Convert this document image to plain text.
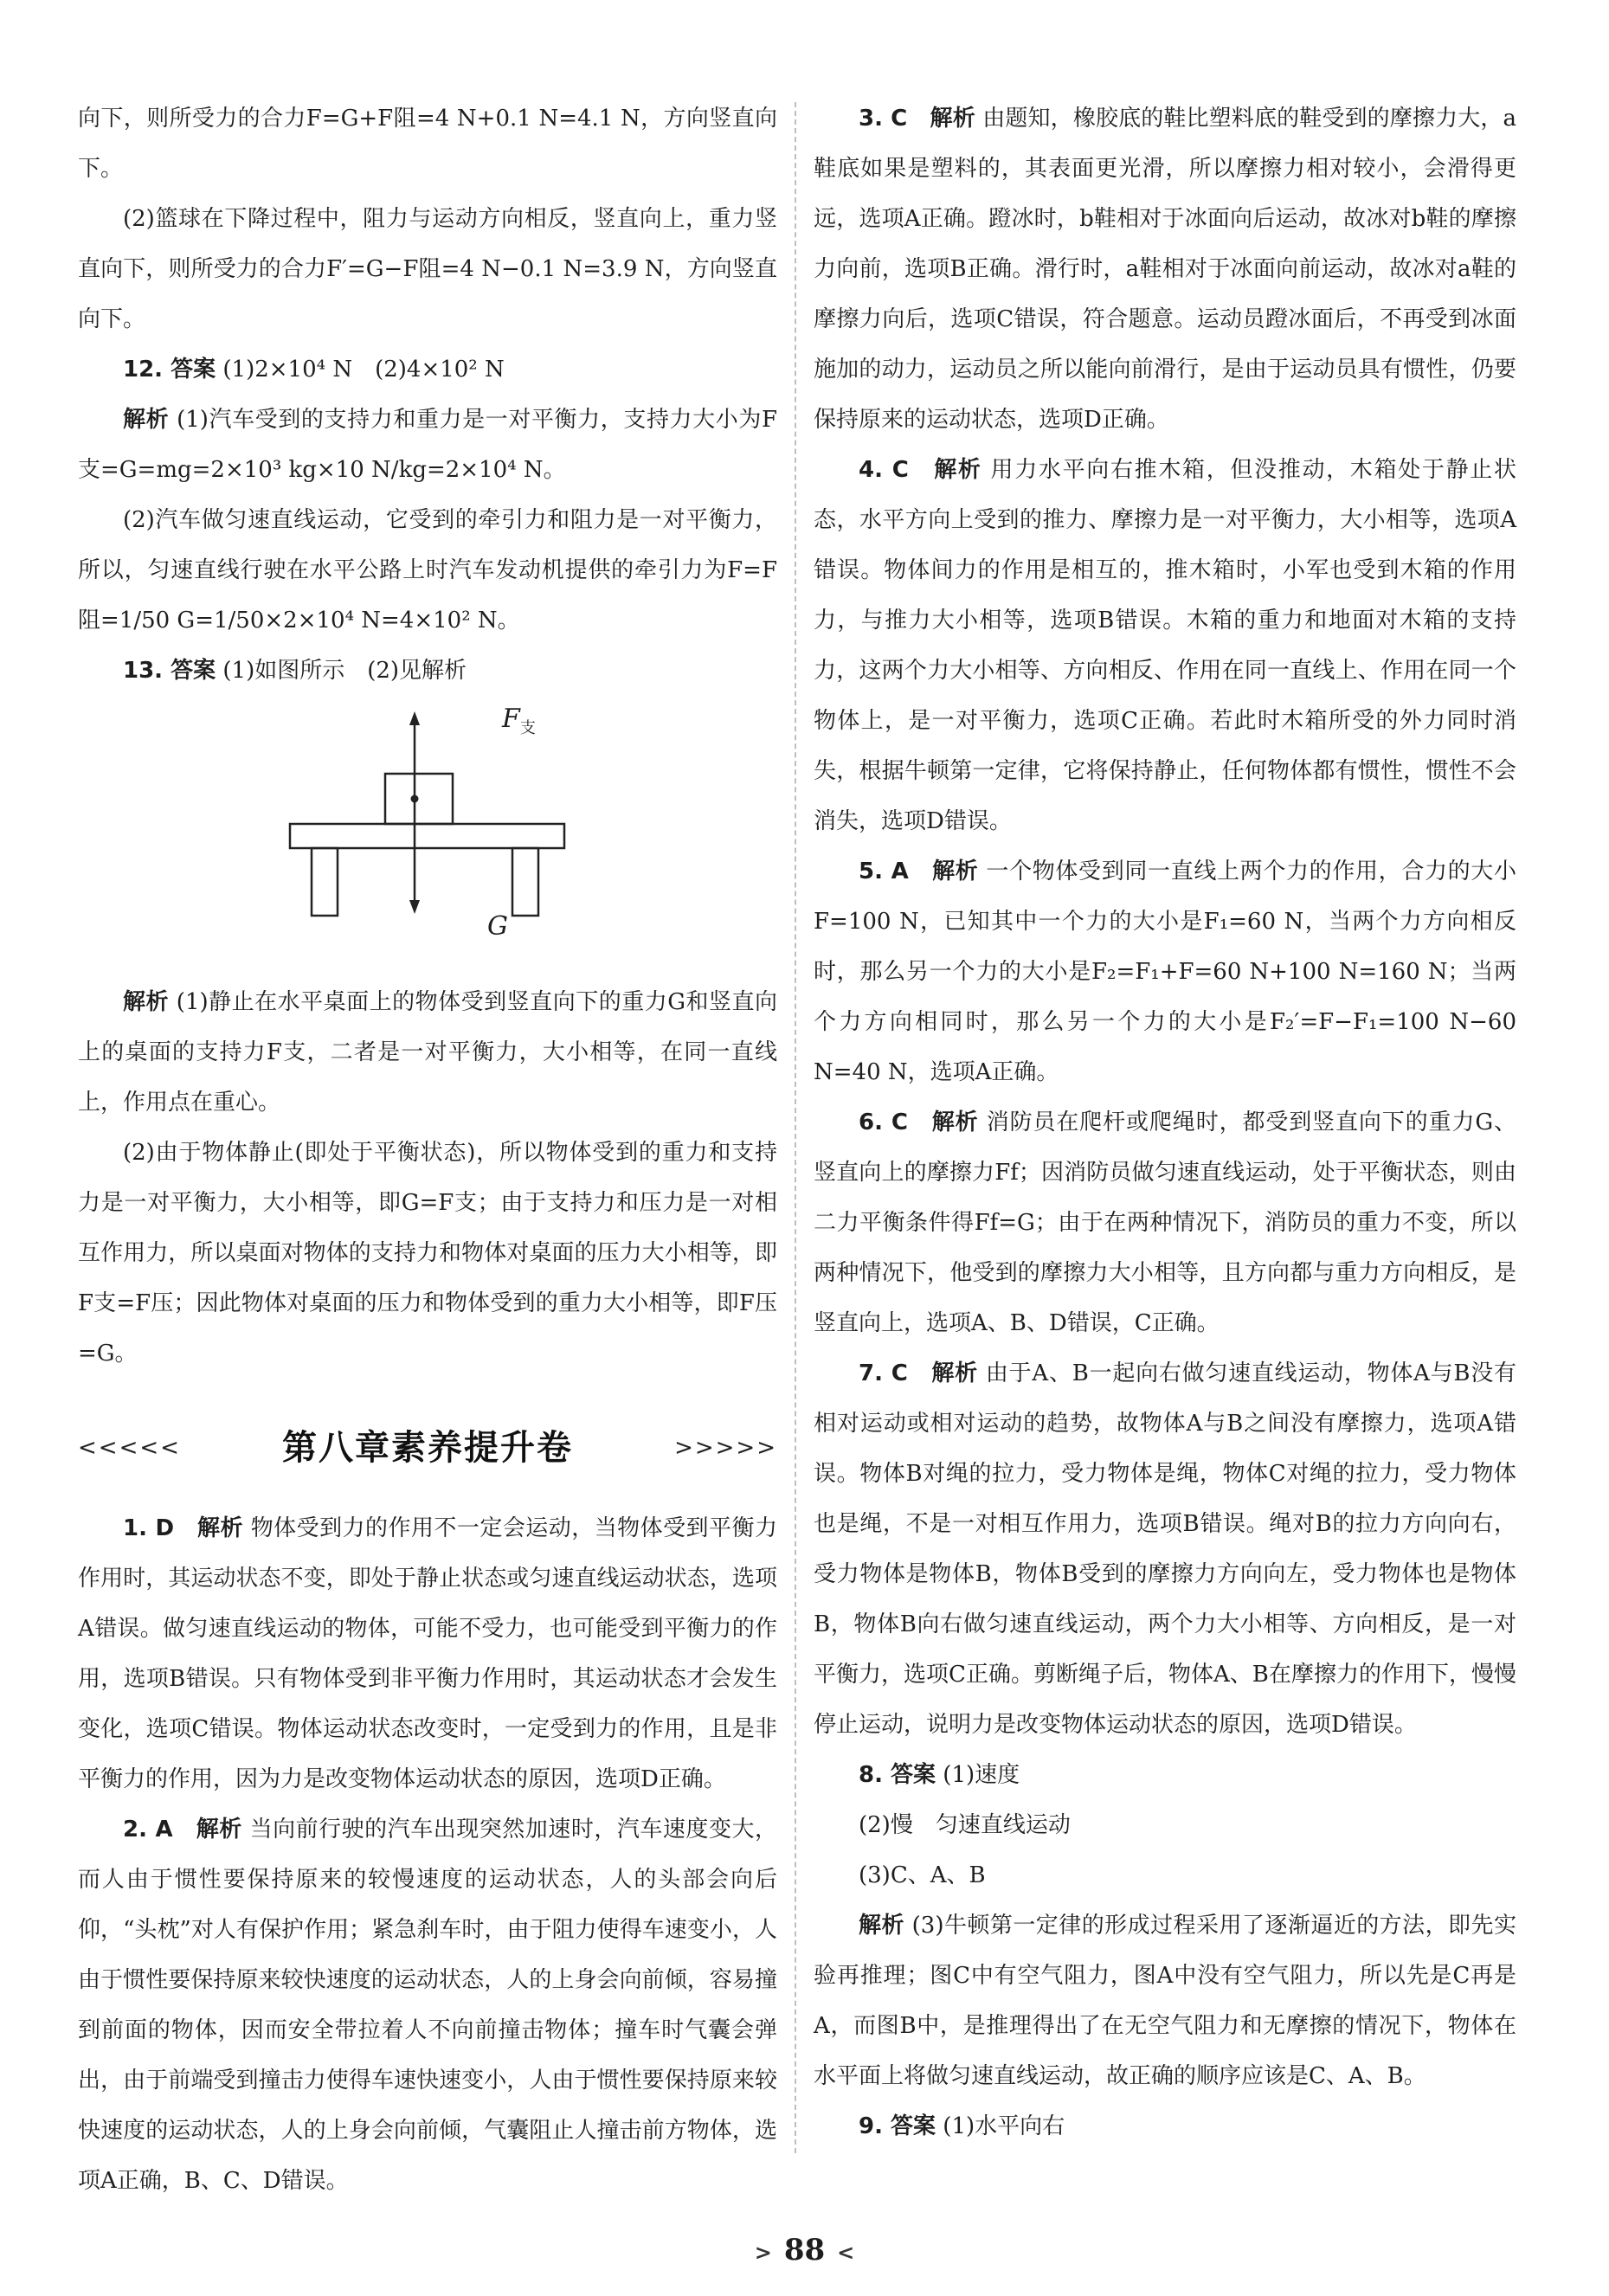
向下，则所受力的合力F=G+F阻=4 N+0.1 N=4.1 N，方向竖直向下。

(2)篮球在下降过程中，阻力与运动方向相反，竖直向上，重力竖直向下，则所受力的合力F′=G−F阻=4 N−0.1 N=3.9 N，方向竖直向下。

12. 答案 (1)2×10⁴ N　(2)4×10² N

解析 (1)汽车受到的支持力和重力是一对平衡力，支持力大小为F支=G=mg=2×10³ kg×10 N/kg=2×10⁴ N。

(2)汽车做匀速直线运动，它受到的牵引力和阻力是一对平衡力，所以，匀速直线行驶在水平公路上时汽车发动机提供的牵引力为F=F阻=1/50 G=1/50×2×10⁴ N=4×10² N。

13. 答案 (1)如图所示　(2)见解析

$F_支$
G

解析 (1)静止在水平桌面上的物体受到竖直向下的重力G和竖直向上的桌面的支持力F支，二者是一对平衡力，大小相等，在同一直线上，作用点在重心。

(2)由于物体静止(即处于平衡状态)，所以物体受到的重力和支持力是一对平衡力，大小相等，即G=F支；由于支持力和压力是一对相互作用力，所以桌面对物体的支持力和物体对桌面的压力大小相等，即F支=F压；因此物体对桌面的压力和物体受到的重力大小相等，即F压=G。

<<<<<	第八章素养提升卷	>>>>>

1. D　 解析 物体受到力的作用不一定会运动，当物体受到平衡力作用时，其运动状态不变，即处于静止状态或匀速直线运动状态，选项A错误。做匀速直线运动的物体，可能不受力，也可能受到平衡力的作用，选项B错误。只有物体受到非平衡力作用时，其运动状态才会发生变化，选项C错误。物体运动状态改变时，一定受到力的作用，且是非平衡力的作用，因为力是改变物体运动状态的原因，选项D正确。

2. A　 解析 当向前行驶的汽车出现突然加速时，汽车速度变大，而人由于惯性要保持原来的较慢速度的运动状态，人的头部会向后仰，“头枕”对人有保护作用；紧急刹车时，由于阻力使得车速变小，人由于惯性要保持原来较快速度的运动状态，人的上身会向前倾，容易撞到前面的物体，因而安全带拉着人不向前撞击物体；撞车时气囊会弹出，由于前端受到撞击力使得车速快速变小，人由于惯性要保持原来较快速度的运动状态，人的上身会向前倾，气囊阻止人撞击前方物体，选项A正确，B、C、D错误。

3. C　 解析 由题知，橡胶底的鞋比塑料底的鞋受到的摩擦力大，a鞋底如果是塑料的，其表面更光滑，所以摩擦力相对较小，会滑得更远，选项A正确。蹬冰时，b鞋相对于冰面向后运动，故冰对b鞋的摩擦力向前，选项B正确。滑行时，a鞋相对于冰面向前运动，故冰对a鞋的摩擦力向后，选项C错误，符合题意。运动员蹬冰面后，不再受到冰面施加的动力，运动员之所以能向前滑行，是由于运动员具有惯性，仍要保持原来的运动状态，选项D正确。

4. C　 解析 用力水平向右推木箱，但没推动，木箱处于静止状态，水平方向上受到的推力、摩擦力是一对平衡力，大小相等，选项A错误。物体间力的作用是相互的，推木箱时，小军也受到木箱的作用力，与推力大小相等，选项B错误。木箱的重力和地面对木箱的支持力，这两个力大小相等、方向相反、作用在同一直线上、作用在同一个物体上，是一对平衡力，选项C正确。若此时木箱所受的外力同时消失，根据牛顿第一定律，它将保持静止，任何物体都有惯性，惯性不会消失，选项D错误。

5. A　 解析 一个物体受到同一直线上两个力的作用，合力的大小F=100 N，已知其中一个力的大小是F₁=60 N，当两个力方向相反时，那么另一个力的大小是F₂=F₁+F=60 N+100 N=160 N；当两个力方向相同时，那么另一个力的大小是F₂′=F−F₁=100 N−60 N=40 N，选项A正确。

6. C　 解析 消防员在爬杆或爬绳时，都受到竖直向下的重力G、竖直向上的摩擦力Ff；因消防员做匀速直线运动，处于平衡状态，则由二力平衡条件得Ff=G；由于在两种情况下，消防员的重力不变，所以两种情况下，他受到的摩擦力大小相等，且方向都与重力方向相反，是竖直向上，选项A、B、D错误，C正确。

7. C　 解析 由于A、B一起向右做匀速直线运动，物体A与B没有相对运动或相对运动的趋势，故物体A与B之间没有摩擦力，选项A错误。物体B对绳的拉力，受力物体是绳，物体C对绳的拉力，受力物体也是绳，不是一对相互作用力，选项B错误。绳对B的拉力方向向右，受力物体是物体B，物体B受到的摩擦力方向向左，受力物体也是物体B，物体B向右做匀速直线运动，两个力大小相等、方向相反，是一对平衡力，选项C正确。剪断绳子后，物体A、B在摩擦力的作用下，慢慢停止运动，说明力是改变物体运动状态的原因，选项D错误。

8. 答案 (1)速度

(2)慢　匀速直线运动

(3)C、A、B

解析 (3)牛顿第一定律的形成过程采用了逐渐逼近的方法，即先实验再推理；图C中有空气阻力，图A中没有空气阻力，所以先是C再是A，而图B中，是推理得出了在无空气阻力和无摩擦的情况下，物体在水平面上将做匀速直线运动，故正确的顺序应该是C、A、B。

9. 答案 (1)水平向右

> 88 <
